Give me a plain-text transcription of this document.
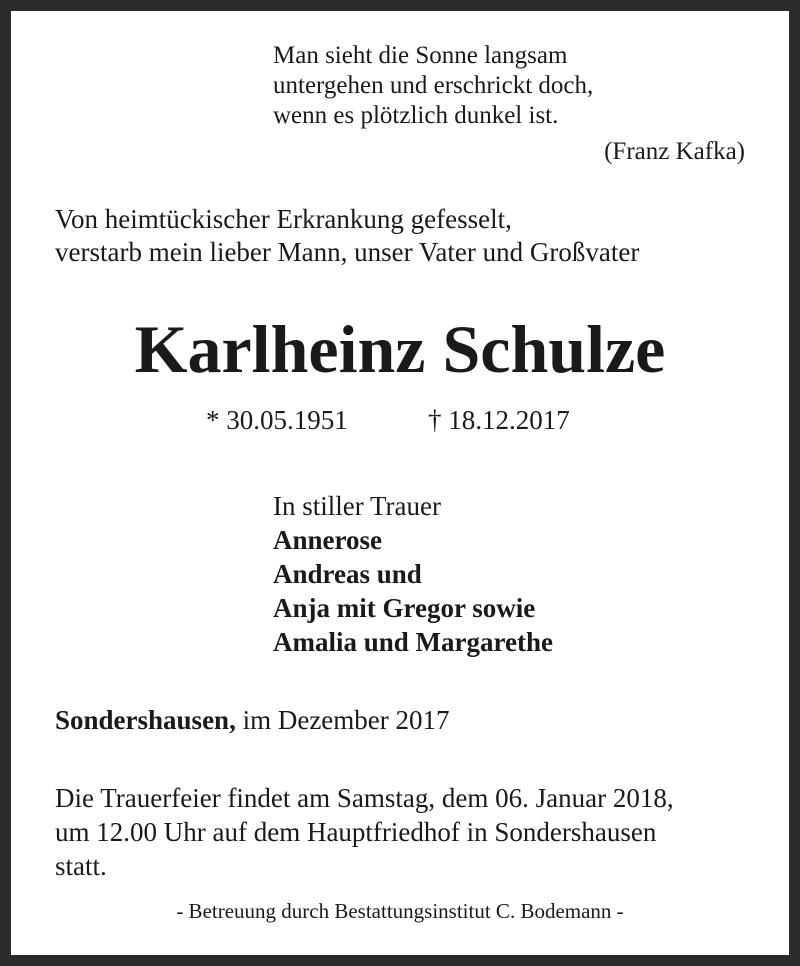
Man sieht die Sonne langsam
untergehen und erschrickt doch,
wenn es plötzlich dunkel ist.
(Franz Kafka)
Von heimtückischer Erkrankung gefesselt,
verstarb mein lieber Mann, unser Vater und Großvater
Karlheinz Schulze
* 30.05.1951	† 18.12.2017
In stiller Trauer
Annerose
Andreas und
Anja mit Gregor sowie
Amalia und Margarethe
Sondershausen, im Dezember 2017
Die Trauerfeier findet am Samstag, dem 06. Januar 2018,
um 12.00 Uhr auf dem Hauptfriedhof in Sondershausen
statt.
- Betreuung durch Bestattungsinstitut C. Bodemann -
